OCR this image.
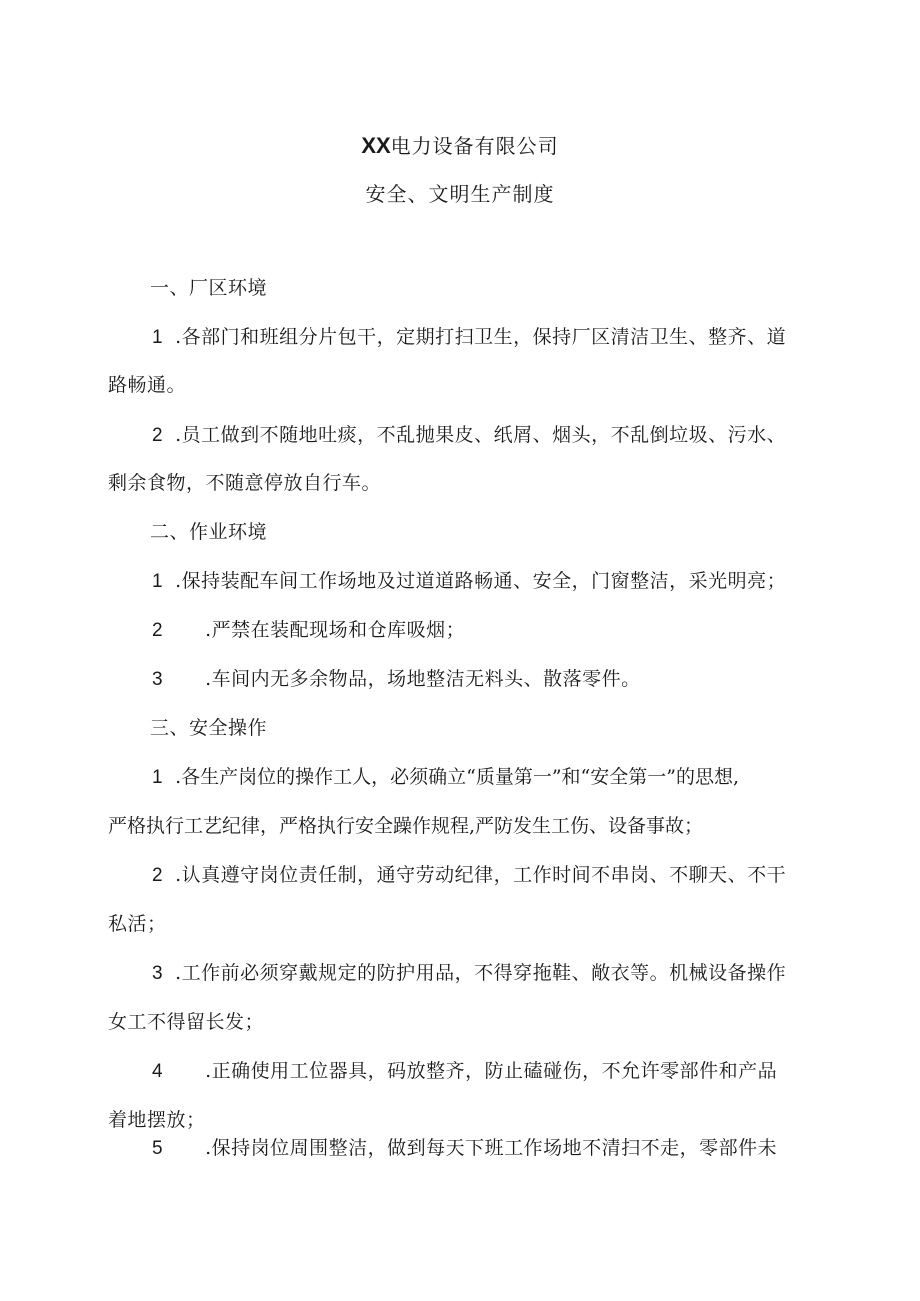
XX电力设备有限公司
安全、文明生产制度
一、厂区环境
1 .各部门和班组分片包干，定期打扫卫生，保持厂区清洁卫生、整齐、道
路畅通。
2 .员工做到不随地吐痰，不乱抛果皮、纸屑、烟头，不乱倒垃圾、污水、
剩余食物，不随意停放自行车。
二、作业环境
1 .保持装配车间工作场地及过道道路畅通、安全，门窗整洁，采光明亮；
2 .严禁在装配现场和仓库吸烟；
3 .车间内无多余物品，场地整洁无料头、散落零件。
三、安全操作
1 .各生产岗位的操作工人，必须确立“质量第一”和“安全第一”的思想,
严格执行工艺纪律，严格执行安全躁作规程,严防发生工伤、设备事故；
2 .认真遵守岗位责任制，通守劳动纪律，工作时间不串岗、不聊天、不干
私活；
3 .工作前必须穿戴规定的防护用品，不得穿拖鞋、敞衣等。机械设备操作
女工不得留长发；
4 .正确使用工位器具，码放整齐，防止磕碰伤，不允许零部件和产品
着地摆放；
5 .保持岗位周围整洁，做到每天下班工作场地不清扫不走，零部件未
